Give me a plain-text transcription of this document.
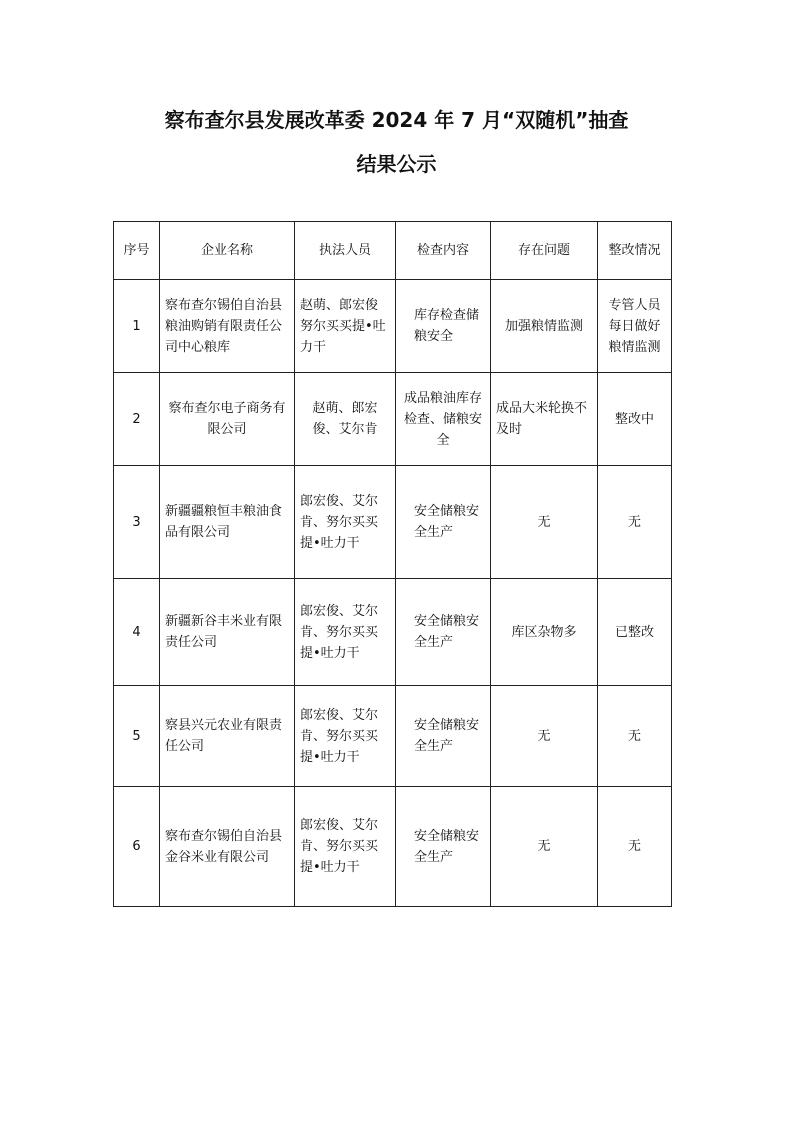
察布查尔县发展改革委 2024 年 7 月“双随机”抽查
结果公示
序号	企业名称	执法人员	检查内容	存在问题	整改情况
1	察布查尔锡伯自治县粮油购销有限责任公司中心粮库	赵萌、郎宏俊努尔买买提•吐力干	库存检查储粮安全	加强粮情监测	专管人员每日做好粮情监测
2	察布查尔电子商务有限公司	赵萌、郎宏俊、艾尔肯	成品粮油库存检查、储粮安全	成品大米轮换不及时	整改中
3	新疆疆粮恒丰粮油食品有限公司	郎宏俊、艾尔肯、努尔买买提•吐力干	安全储粮安全生产	无	无
4	新疆新谷丰米业有限责任公司	郎宏俊、艾尔肯、努尔买买提•吐力干	安全储粮安全生产	库区杂物多	已整改
5	察县兴元农业有限责任公司	郎宏俊、艾尔肯、努尔买买提•吐力干	安全储粮安全生产	无	无
6	察布查尔锡伯自治县金谷米业有限公司	郎宏俊、艾尔肯、努尔买买提•吐力干	安全储粮安全生产	无	无
